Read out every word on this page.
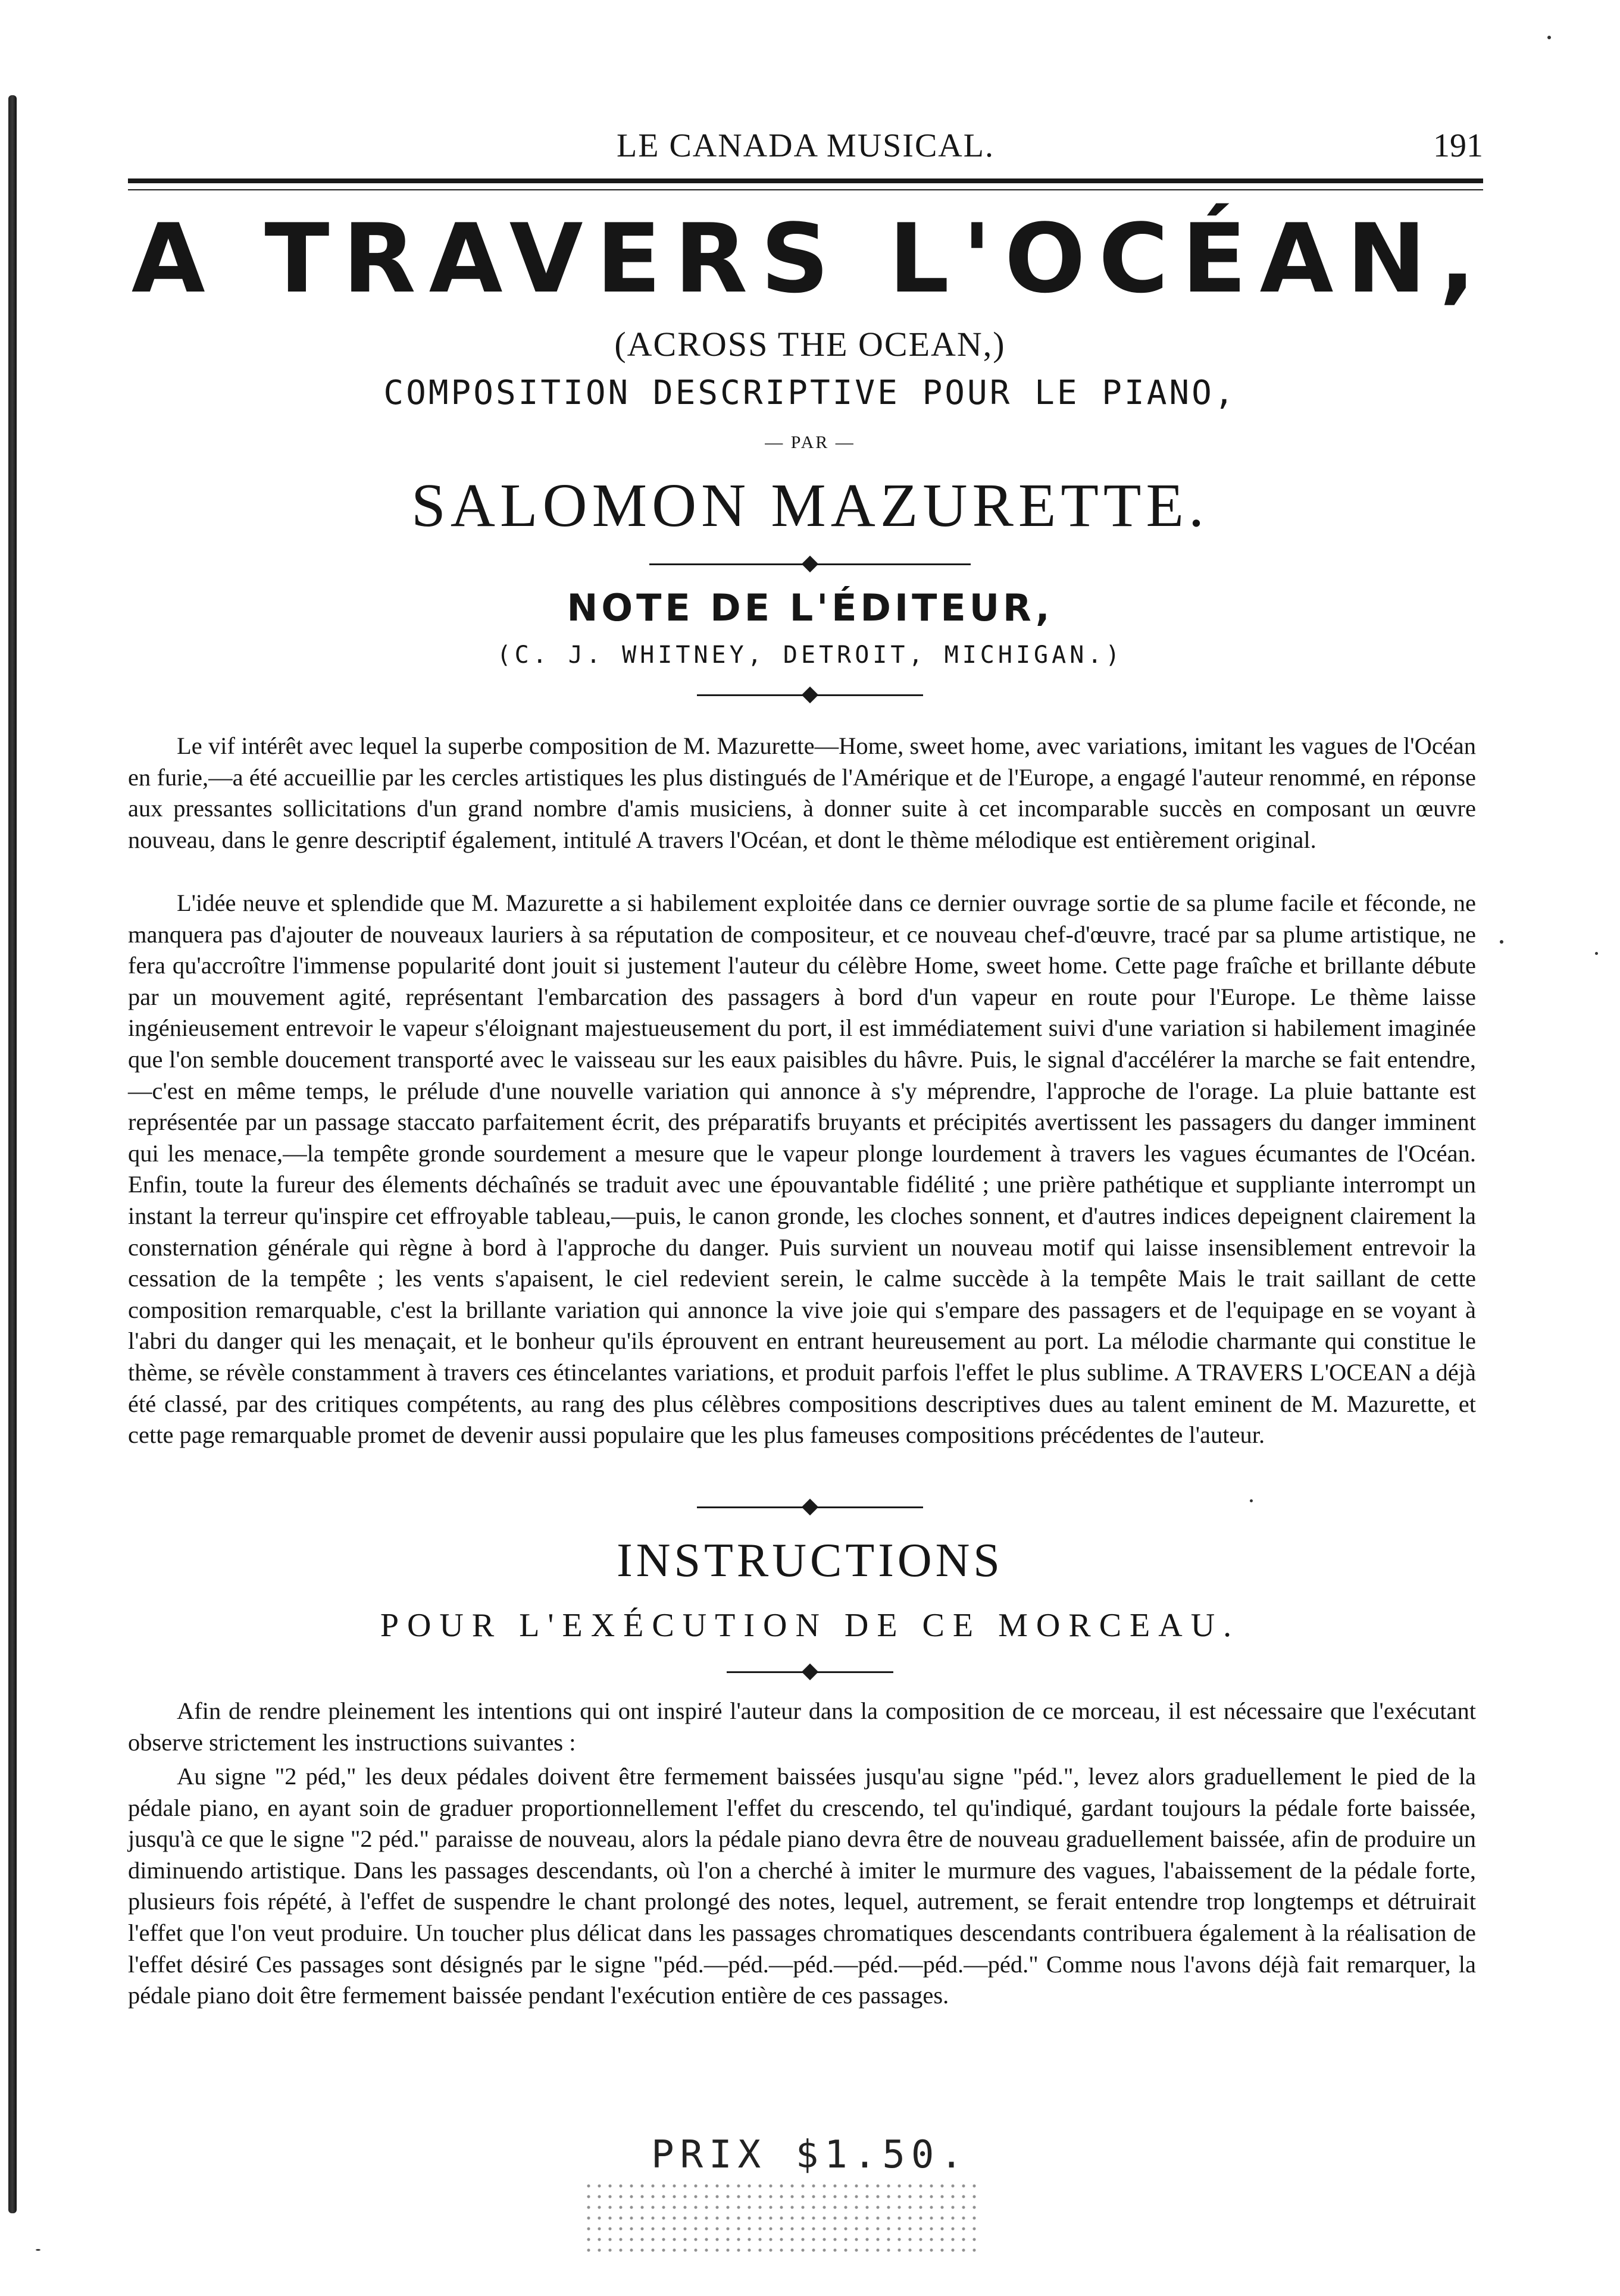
LE CANADA MUSICAL.	191
A TRAVERS L'OCÉAN,
(ACROSS THE OCEAN,)
COMPOSITION DESCRIPTIVE POUR LE PIANO,
— PAR —
SALOMON MAZURETTE.
NOTE DE L'ÉDITEUR,
(C. J. WHITNEY, DETROIT, MICHIGAN.)

Le vif intérêt avec lequel la superbe composition de M. Mazurette—Home, sweet home, avec variations, imitant les vagues de l'Océan en furie,—a été accueillie par les cercles artistiques les plus distingués de l'Amérique et de l'Europe, a engagé l'auteur renommé, en réponse aux pressantes sollicitations d'un grand nombre d'amis musiciens, à donner suite à cet incomparable succès en composant un œuvre nouveau, dans le genre descriptif également, intitulé A travers l'Océan, et dont le thème mélodique est entièrement original.

L'idée neuve et splendide que M. Mazurette a si habilement exploitée dans ce dernier ouvrage sortie de sa plume facile et féconde, ne manquera pas d'ajouter de nouveaux lauriers à sa réputation de compositeur, et ce nouveau chef-d'œuvre, tracé par sa plume artistique, ne fera qu'accroître l'immense popularité dont jouit si justement l'auteur du célèbre Home, sweet home. Cette page fraîche et brillante débute par un mouvement agité, représentant l'embarcation des passagers à bord d'un vapeur en route pour l'Europe. Le thème laisse ingénieusement entrevoir le vapeur s'éloignant majestueusement du port, il est immédiatement suivi d'une variation si habilement imaginée que l'on semble doucement transporté avec le vaisseau sur les eaux paisibles du hâvre. Puis, le signal d'accélérer la marche se fait entendre,—c'est en même temps, le prélude d'une nouvelle variation qui annonce à s'y méprendre, l'approche de l'orage. La pluie battante est représentée par un passage staccato parfaitement écrit, des préparatifs bruyants et précipités avertissent les passagers du danger imminent qui les menace,—la tempête gronde sourdement a mesure que le vapeur plonge lourdement à travers les vagues écumantes de l'Océan. Enfin, toute la fureur des élements déchaînés se traduit avec une épouvantable fidélité ; une prière pathétique et suppliante interrompt un instant la terreur qu'inspire cet effroyable tableau,—puis, le canon gronde, les cloches sonnent, et d'autres indices depeignent clairement la consternation générale qui règne à bord à l'approche du danger. Puis survient un nouveau motif qui laisse insensiblement entrevoir la cessation de la tempête ; les vents s'apaisent, le ciel redevient serein, le calme succède à la tempête Mais le trait saillant de cette composition remarquable, c'est la brillante variation qui annonce la vive joie qui s'empare des passagers et de l'equipage en se voyant à l'abri du danger qui les menaçait, et le bonheur qu'ils éprouvent en entrant heureusement au port. La mélodie charmante qui constitue le thème, se révèle constamment à travers ces étincelantes variations, et produit parfois l'effet le plus sublime. A TRAVERS L'OCEAN a déjà été classé, par des critiques compétents, au rang des plus célèbres compositions descriptives dues au talent eminent de M. Mazurette, et cette page remarquable promet de devenir aussi populaire que les plus fameuses compositions précédentes de l'auteur.

INSTRUCTIONS
POUR L'EXÉCUTION DE CE MORCEAU.

Afin de rendre pleinement les intentions qui ont inspiré l'auteur dans la composition de ce morceau, il est nécessaire que l'exécutant observe strictement les instructions suivantes :

Au signe "2 péd," les deux pédales doivent être fermement baissées jusqu'au signe "péd.", levez alors graduellement le pied de la pédale piano, en ayant soin de graduer proportionnellement l'effet du crescendo, tel qu'indiqué, gardant toujours la pédale forte baissée, jusqu'à ce que le signe "2 péd." paraisse de nouveau, alors la pédale piano devra être de nouveau graduellement baissée, afin de produire un diminuendo artistique. Dans les passages descendants, où l'on a cherché à imiter le murmure des vagues, l'abaissement de la pédale forte, plusieurs fois répété, à l'effet de suspendre le chant prolongé des notes, lequel, autrement, se ferait entendre trop longtemps et détruirait l'effet que l'on veut produire. Un toucher plus délicat dans les passages chromatiques descendants contribuera également à la réalisation de l'effet désiré Ces passages sont désignés par le signe "péd.—péd.—péd.—péd.—péd.—péd." Comme nous l'avons déjà fait remarquer, la pédale piano doit être fermement baissée pendant l'exécution entière de ces passages.

PRIX $1.50.
